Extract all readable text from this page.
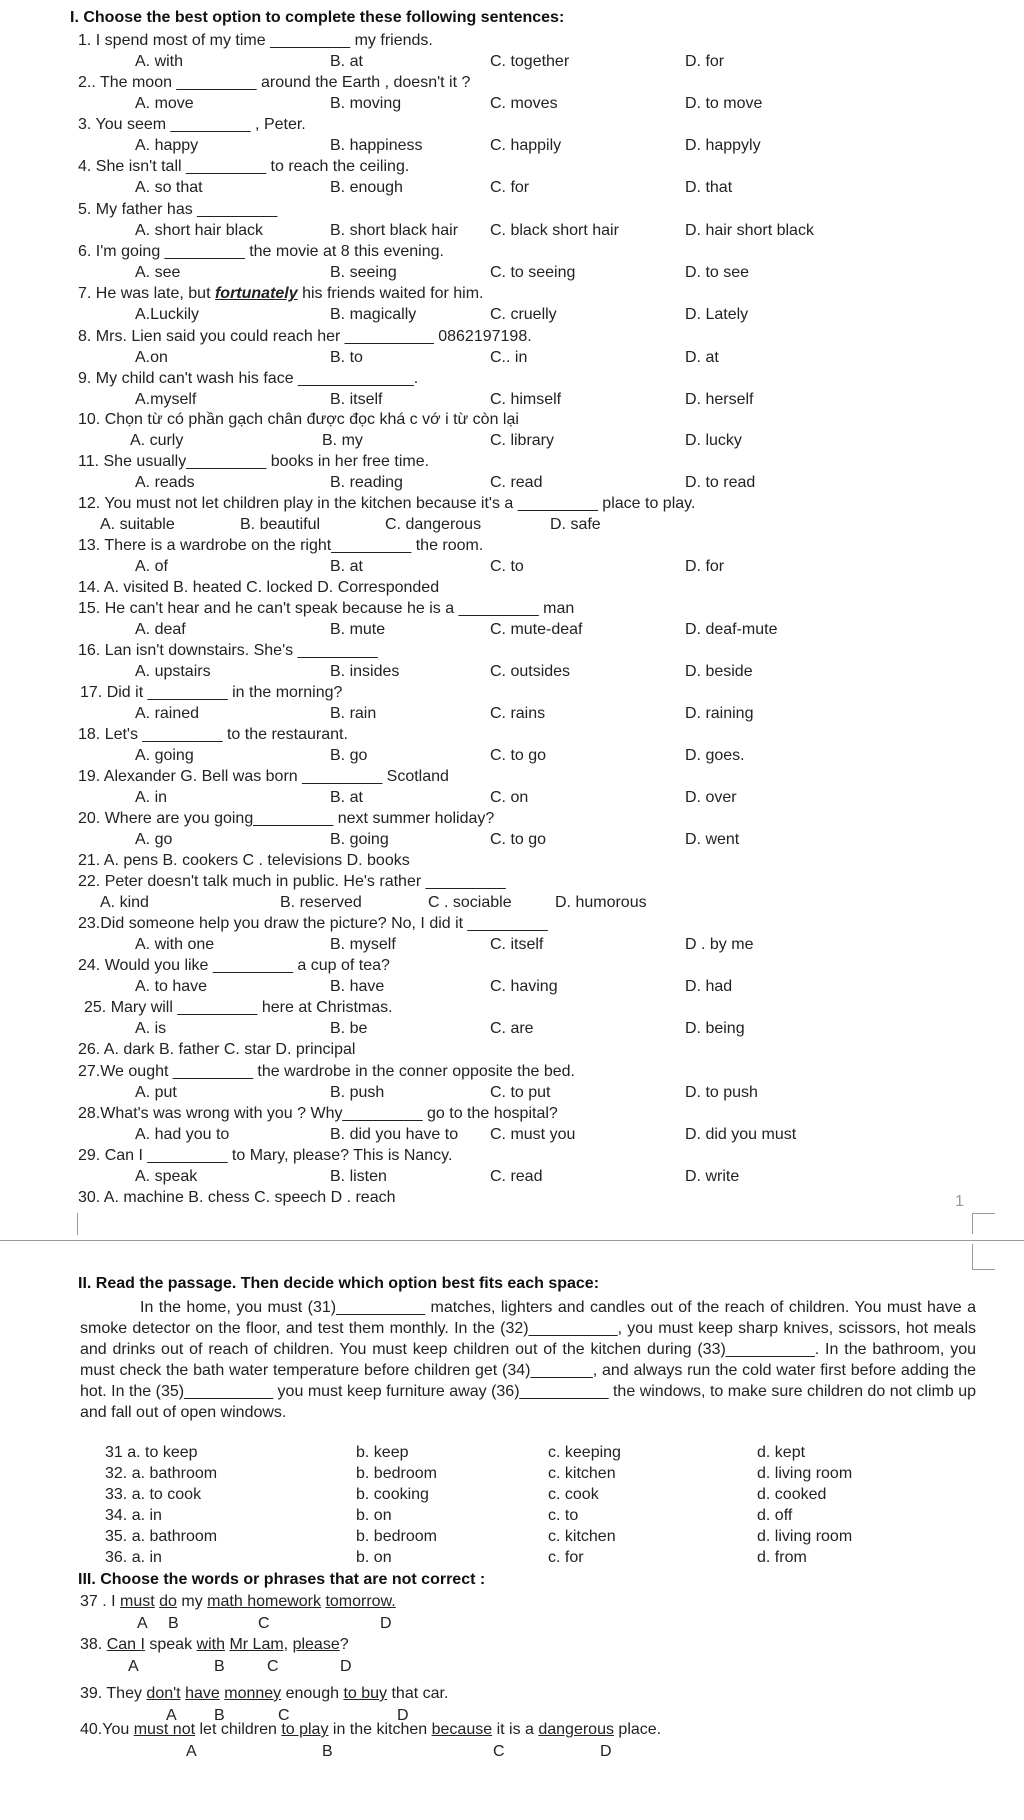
I. Choose the best option to complete these following sentences:
1. I spend most of my time _________ my friends.
A. with	B. at	C. together	D. for
2.. The moon _________ around the Earth , doesn't it ?
A. move	B. moving	C. moves	D. to move
3. You seem _________ , Peter.
A. happy	B. happiness	C. happily	D. happyly
4. She isn't tall _________ to reach the ceiling.
A. so that	B. enough	C. for	D. that
5. My father has _________
A. short hair black	B. short black hair C. black short hair	D. hair short black
6. I'm going _________ the movie at 8 this evening.
A. see	B. seeing	C. to seeing	D. to see
7. He was late, but fortunately his friends waited for him.
A.Luckily	B. magically	C. cruelly	D. Lately
8. Mrs. Lien said you could reach her __________ 0862197198.
A.on	B. to	C.. in	D. at
9. My child can't wash his face _____________.
A.myself	B. itself	C. himself	D. herself
10. Chọn từ có phần gạch chân được đọc khá c vớ i từ còn lại
A. curly	B. my	C. library	D. lucky
11. She usually_________ books in her free time.
A. reads	B. reading	C. read	D. to read
12. You must not let children play in the kitchen because it's a _________ place to play.
A. suitable	B. beautiful	C. dangerous	D. safe
13. There is a wardrobe on the right_________ the room.
A. of	B. at	C. to	D. for
14. A. visited B. heated C. locked D. Corresponded
15. He can't hear and he can't speak because he is a _________ man
A. deaf	B. mute	C. mute-deaf	D. deaf-mute
16. Lan isn't downstairs. She's _________
A. upstairs	B. insides	C. outsides	D. beside
17. Did it _________ in the morning?
A. rained	B. rain	C. rains	D. raining
18. Let's _________ to the restaurant.
A. going	B. go	C. to go	D. goes.
19. Alexander G. Bell was born _________ Scotland
A. in	B. at	C. on	D. over
20. Where are you going_________ next summer holiday?
A. go	B. going	C. to go	D. went
21. A. pens B. cookers C . televisions D. books
22. Peter doesn't talk much in public. He's rather _________
A. kind	B. reserved	C . sociable	D. humorous
23.Did someone help you draw the picture? No, I did it _________
A. with one	B. myself	C. itself	D . by me
24. Would you like _________ a cup of tea?
A. to have	B. have	C. having	D. had
25. Mary will _________ here at Christmas.
A. is	B. be	C. are	D. being
26. A. dark B. father C. star D. principal
27.We ought _________ the wardrobe in the conner opposite the bed.
A. put	B. push	C. to put	D. to push
28.What's was wrong with you ? Why_________ go to the hospital?
A. had you to	B. did you have to C. must you	D. did you must
29. Can I _________ to Mary, please? This is Nancy.
A. speak	B. listen	C. read	D. write
30. A. machine B. chess C. speech D . reach	1
II. Read the passage. Then decide which option best fits each space:
In the home, you must (31)__________ matches, lighters and candles out of the reach of children. You must have a smoke detector on the floor, and test them monthly. In the (32)__________, you must keep sharp knives, scissors, hot meals and drinks out of reach of children. You must keep children out of the kitchen during (33)__________. In the bathroom, you must check the bath water temperature before children get (34)_______, and always run the cold water first before adding the hot. In the (35)__________ you must keep furniture away (36)__________ the windows, to make sure children do not climb up and fall out of open windows.
31 a. to keep	b. keep	c. keeping	d. kept
32. a. bathroom	b. bedroom	c. kitchen	d. living room
33. a. to cook	b. cooking	c. cook	d. cooked
34. a. in	b. on	c. to	d. off
35. a. bathroom	b. bedroom	c. kitchen	d. living room
36. a. in	b. on	c. for	d. from
III. Choose the words or phrases that are not correct :
37 . I must do my math homework tomorrow.
A B	C	D
38. Can I speak with Mr Lam, please?
A	B	C	D
39. They don't have monney enough to buy that car.
A B	C	D
40.You must not let children to play in the kitchen because it is a dangerous place.
A	B	C	D
